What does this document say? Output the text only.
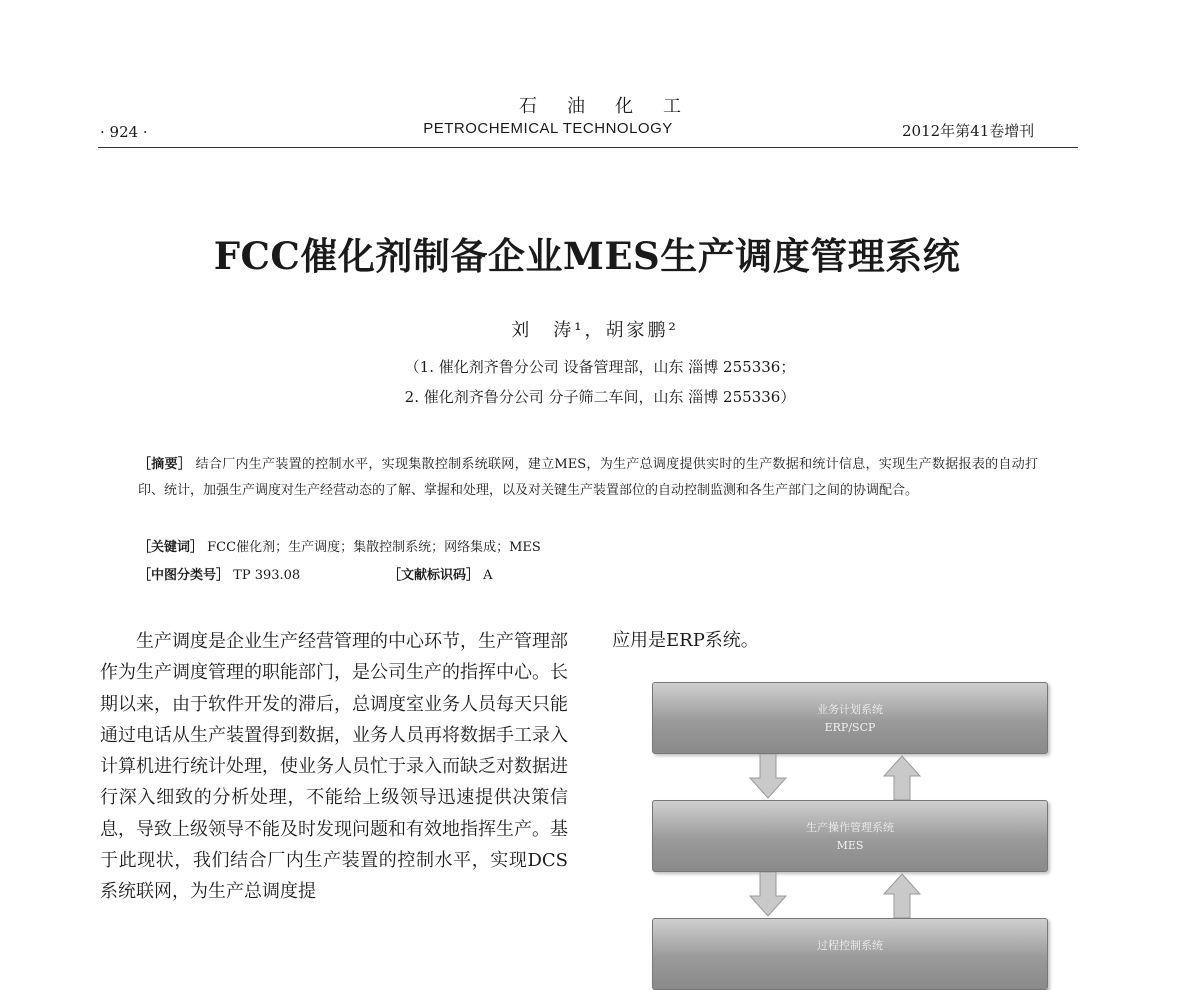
石油化工
PETROCHEMICAL TECHNOLOGY
· 924 ·	2012年第41卷增刊
FCC催化剂制备企业MES生产调度管理系统
刘　涛¹，胡家鹏²
（1. 催化剂齐鲁分公司 设备管理部，山东 淄博 255336；
2. 催化剂齐鲁分公司 分子筛二车间，山东 淄博 255336）
［摘要］ 结合厂内生产装置的控制水平，实现集散控制系统联网，建立MES，为生产总调度提供实时的生产数据和统计信息，实现生产数据报表的自动打印、统计，加强生产调度对生产经营动态的了解、掌握和处理，以及对关键生产装置部位的自动控制监测和各生产部门之间的协调配合。
［关键词］ FCC催化剂；生产调度；集散控制系统；网络集成；MES
［中图分类号］ TP 393.08	［文献标识码］ A

生产调度是企业生产经营管理的中心环节，生产管理部作为生产调度管理的职能部门，是公司生产的指挥中心。长期以来，由于软件开发的滞后，总调度室业务人员每天只能通过电话从生产装置得到数据，业务人员再将数据手工录入计算机进行统计处理，使业务人员忙于录入而缺乏对数据进行深入细致的分析处理，不能给上级领导迅速提供决策信息，导致上级领导不能及时发现问题和有效地指挥生产。基于此现状，我们结合厂内生产装置的控制水平，实现DCS系统联网，为生产总调度提

应用是ERP系统。
业务计划系统
ERP/SCP
生产操作管理系统
MES
过程控制系统
